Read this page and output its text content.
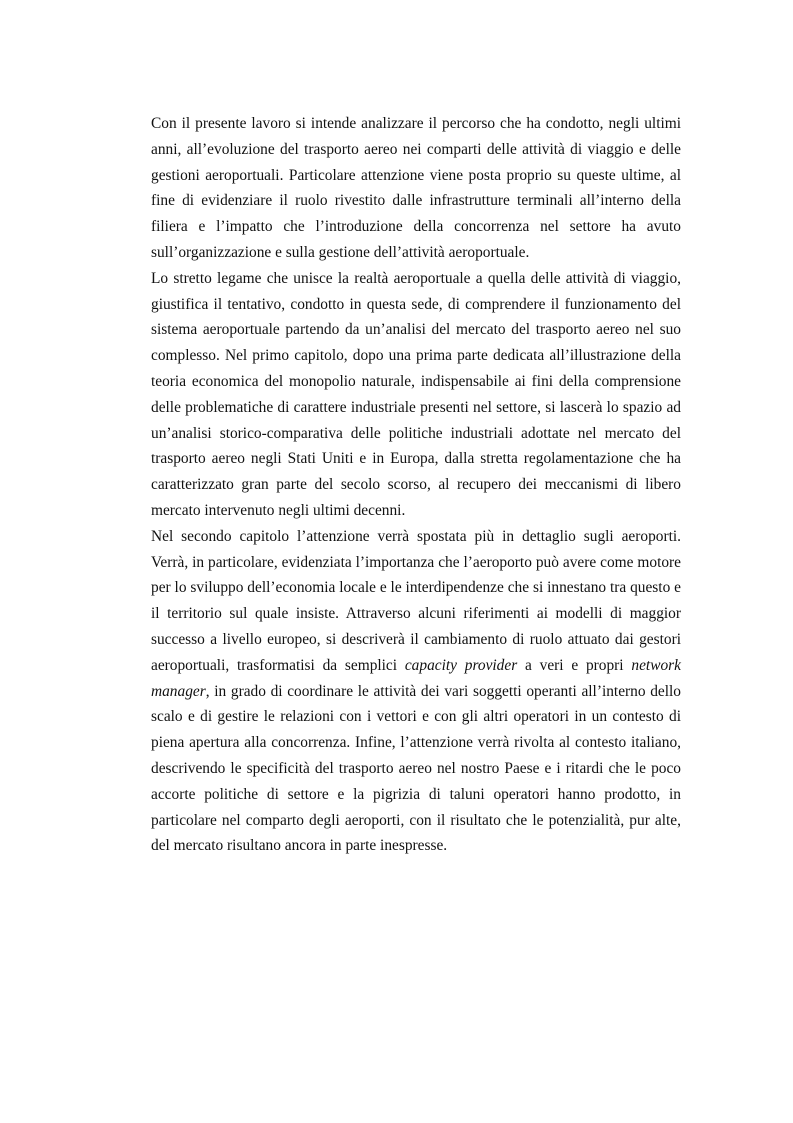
Con il presente lavoro si intende analizzare il percorso che ha condotto, negli ultimi anni, all’evoluzione del trasporto aereo nei comparti delle attività di viaggio e delle gestioni aeroportuali. Particolare attenzione viene posta proprio su queste ultime, al fine di evidenziare il ruolo rivestito dalle infrastrutture terminali all’interno della filiera e l’impatto che l’introduzione della concorrenza nel settore ha avuto sull’organizzazione e sulla gestione dell’attività aeroportuale.

Lo stretto legame che unisce la realtà aeroportuale a quella delle attività di viaggio, giustifica il tentativo, condotto in questa sede, di comprendere il funzionamento del sistema aeroportuale partendo da un’analisi del mercato del trasporto aereo nel suo complesso. Nel primo capitolo, dopo una prima parte dedicata all’illustrazione della teoria economica del monopolio naturale, indispensabile ai fini della comprensione delle problematiche di carattere industriale presenti nel settore, si lascerà lo spazio ad un’analisi storico-comparativa delle politiche industriali adottate nel mercato del trasporto aereo negli Stati Uniti e in Europa, dalla stretta regolamentazione che ha caratterizzato gran parte del secolo scorso, al recupero dei meccanismi di libero mercato intervenuto negli ultimi decenni.

Nel secondo capitolo l’attenzione verrà spostata più in dettaglio sugli aeroporti. Verrà, in particolare, evidenziata l’importanza che l’aeroporto può avere come motore per lo sviluppo dell’economia locale e le interdipendenze che si innestano tra questo e il territorio sul quale insiste. Attraverso alcuni riferimenti ai modelli di maggior successo a livello europeo, si descriverà il cambiamento di ruolo attuato dai gestori aeroportuali, trasformatisi da semplici capacity provider a veri e propri network manager, in grado di coordinare le attività dei vari soggetti operanti all’interno dello scalo e di gestire le relazioni con i vettori e con gli altri operatori in un contesto di piena apertura alla concorrenza. Infine, l’attenzione verrà rivolta al contesto italiano, descrivendo le specificità del trasporto aereo nel nostro Paese e i ritardi che le poco accorte politiche di settore e la pigrizia di taluni operatori hanno prodotto, in particolare nel comparto degli aeroporti, con il risultato che le potenzialità, pur alte, del mercato risultano ancora in parte inespresse.
